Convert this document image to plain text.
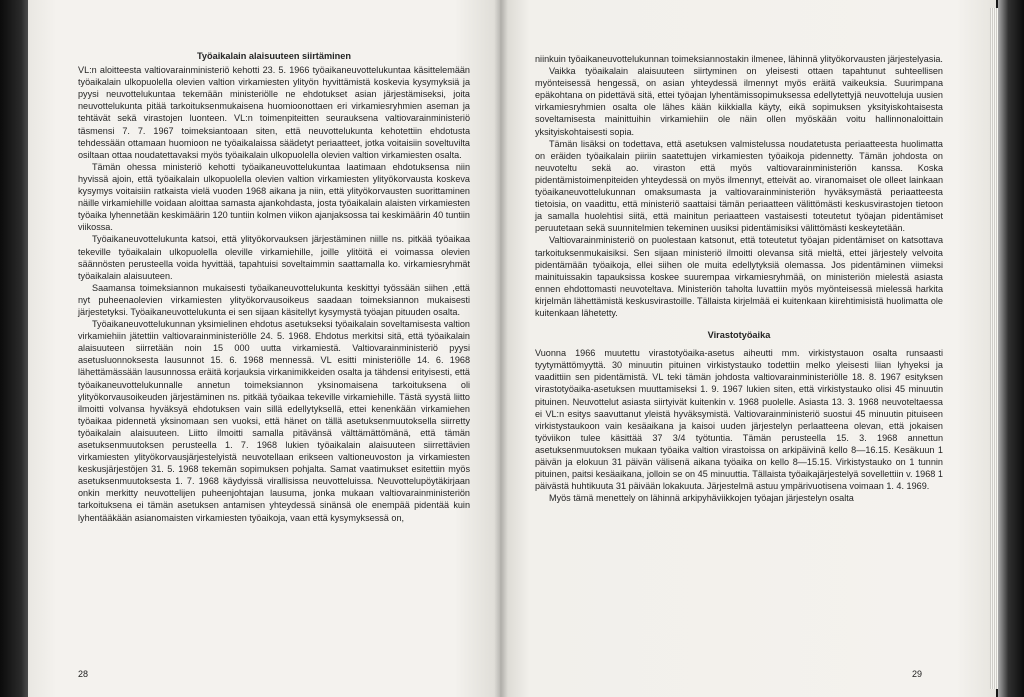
Työaikalain alaisuuteen siirtäminen

VL:n aloitteesta valtiovarainministeriö kehotti 23. 5. 1966 työaikaneuvottelukuntaa käsittelemään työaikalain ulkopuolella olevien valtion virkamiesten ylityön hyvittämistä koskevia kysymyksiä ja pyysi neuvottelukuntaa tekemään ministeriölle ne ehdotukset asian järjestämiseksi, joita neuvottelukunta pitää tarkoituksenmukaisena huomioonottaen eri virkamiesryhmien aseman ja tehtävät sekä virastojen luonteen. VL:n toimenpiteitten seurauksena valtiovarainministeriö täsmensi 7. 7. 1967 toimeksiantoaan siten, että neuvottelukunta kehotettiin ehdotusta tehdessään ottamaan huomioon ne työaikalaissa säädetyt periaatteet, jotka voitaisiin soveltuvilta osiltaan ottaa noudatettavaksi myös työaikalain ulkopuolella olevien valtion virkamiesten osalta.

Tämän ohessa ministeriö kehotti työaikaneuvottelukuntaa laatimaan ehdotuksensa niin hyvissä ajoin, että työaikalain ulkopuolella olevien valtion virkamiesten ylityökorvausta koskeva kysymys voitaisiin ratkaista vielä vuoden 1968 aikana ja niin, että ylityökorvausten suorittaminen näille virkamiehille voidaan aloittaa samasta ajankohdasta, josta työaikalain alaisten virkamiesten työaika lyhennetään keskimäärin 120 tuntiin kolmen viikon ajanjaksossa tai keskimäärin 40 tuntiin viikossa.

Työaikaneuvottelukunta katsoi, että ylityökorvauksen järjestäminen niille ns. pitkää työaikaa tekeville työaikalain ulkopuolella oleville virkamiehille, joille ylitöitä ei voimassa olevien säännösten perusteella voida hyvittää, tapahtuisi soveltaimmin saattamalla ko. virkamiesryhmät työaikalain alaisuuteen.

Saamansa toimeksiannon mukaisesti työaikaneuvottelukunta keskittyi työssään siihen ,että nyt puheenaolevien virkamiesten ylityökorvausoikeus saadaan toimeksiannon mukaisesti järjestetyksi. Työaikaneuvottelukunta ei sen sijaan käsitellyt kysymystä työajan pituuden osalta.

Työaikaneuvottelukunnan yksimielinen ehdotus asetukseksi työaikalain soveltamisesta valtion virkamiehiin jätettiin valtiovarainministeriölle 24. 5. 1968. Ehdotus merkitsi sitä, että työaikalain alaisuuteen siirretään noin 15 000 uutta virkamiestä. Valtiovarainministeriö pyysi asetusluonnoksesta lausunnot 15. 6. 1968 mennessä. VL esitti ministeriölle 14. 6. 1968 lähettämässään lausunnossa eräitä korjauksia virkanimikkeiden osalta ja tähdensi erityisesti, että työaikaneuvottelukunnalle annetun toimeksiannon yksinomaisena tarkoituksena oli ylityökorvausoikeuden järjestäminen ns. pitkää työaikaa tekeville virkamiehille. Tästä syystä liitto ilmoitti volvansa hyväksyä ehdotuksen vain sillä edellytyksellä, ettei kenenkään virkamiehen työaikaa pidennetä yksinomaan sen vuoksi, että hänet on tällä asetuksenmuutoksella siirretty työaikalain alaisuuteen. Liitto ilmoitti samalla pitävänsä välttämättömänä, että tämän asetuksenmuutoksen perusteella 1. 7. 1968 lukien työaikalain alaisuuteen siirrettävien virkamiesten ylityökorvausjärjestelyistä neuvotellaan erikseen valtioneuvoston ja virkamiesten keskusjärjestöjen 31. 5. 1968 tekemän sopimuksen pohjalta. Samat vaatimukset esitettiin myös asetuksenmuutoksesta 1. 7. 1968 käydyissä virallisissa neuvotteluissa. Neuvottelupöytäkirjaan onkin merkitty neuvottelijen puheenjohtajan lausuma, jonka mukaan valtiovarainministeriön tarkoituksena ei tämän asetuksen antamisen yhteydessä sinänsä ole enempää pidentää kuin lyhentääkään asianomaisten virkamiesten työaikoja, vaan että kysymyksessä on,

28

niinkuin työaikaneuvottelukunnan toimeksiannostakin ilmenee, lähinnä ylityökorvausten järjestelyasia.

Vaikka työaikalain alaisuuteen siirtyminen on yleisesti ottaen tapahtunut suhteellisen myönteisessä hengessä, on asian yhteydessä ilmennyt myös eräitä vaikeuksia. Suurimpana epäkohtana on pidettävä sitä, ettei työajan lyhentämissopimuksessa edellytettyjä neuvotteluja uusien virkamiesryhmien osalta ole lähes kään kiikkialla käyty, eikä sopimuksen yksityiskohtaisesta soveltamisesta mainittuihin virkamiehiin ole näin ollen myöskään voitu hallinnonaloittain yksityiskohtaisesti sopia.

Tämän lisäksi on todettava, että asetuksen valmistelussa noudatetusta periaatteesta huolimatta on eräiden työaikalain piiriin saatettujen virkamiesten työaikoja pidennetty. Tämän johdosta on neuvoteltu sekä ao. viraston että myös valtiovarainministeriön kanssa. Koska pidentämistoimenpiteiden yhteydessä on myös ilmennyt, etteivät ao. viranomaiset ole olleet lainkaan työaikaneuvottelukunnan omaksumasta ja valtiovarainministeriön hyväksymästä periaatteesta tietoisia, on vaadittu, että ministeriö saattaisi tämän periaatteen välittömästi keskusvirastojen tietoon ja samalla huolehtisi siitä, että mainitun periaatteen vastaisesti toteutetut työajan pidentämiset peruutetaan sekä suunnitelmien tekeminen uusiksi pidentämisiksi välittömästi keskeytetään.

Valtiovarainministeriö on puolestaan katsonut, että toteutetut työajan pidentämiset on katsottava tarkoituksenmukaisiksi. Sen sijaan ministeriö ilmoitti olevansa sitä mieltä, ettei järjestely velvoita pidentämään työaikoja, ellei siihen ole muita edellytyksiä olemassa. Jos pidentäminen viimeksi mainituissakin tapauksissa koskee suurempaa virkamiesryhmää, on ministeriön mielestä asiasta ennen ehdottomasti neuvoteltava. Ministeriön taholta luvattiin myös myönteisessä mielessä harkita kirjelmän lähettämistä keskusvirastoille. Tällaista kirjelmää ei kuitenkaan kiirehtimisistä huolimatta ole kuitenkaan lähetetty.

Virastotyöaika

Vuonna 1966 muutettu virastotyöaika-asetus aiheutti mm. virkistystauon osalta runsaasti tyytymättömyyttä. 30 minuutin pituinen virkistystauko todettiin melko yleisesti liian lyhyeksi ja vaadittiin sen pidentämistä. VL teki tämän johdosta valtiovarainministeriölle 18. 8. 1967 esityksen virastotyöaika-asetuksen muuttamiseksi 1. 9. 1967 lukien siten, että virkistystauko olisi 45 minuutin pituinen. Neuvottelut asiasta siirtyivät kuitenkin v. 1968 puolelle. Asiasta 13. 3. 1968 neuvoteltaessa ei VL:n esitys saavuttanut yleistä hyväksymistä. Valtiovarainministeriö suostui 45 minuutin pituiseen virkistystaukoon vain kesäaikana ja kaisoi uuden järjestelyn perlaatteena olevan, että jokaisen työviikon tulee käsittää 37 3/4 työtuntia. Tämän perusteella 15. 3. 1968 annettun asetuksenmuutoksen mukaan työaika valtion virastoissa on arkipäivinä kello 8—16.15. Kesäkuun 1 päivän ja elokuun 31 päivän välisenä aikana työaika on kello 8—15.15. Virkistystauko on 1 tunnin pituinen, paitsi kesäaikana, jolloin se on 45 minuuttia. Tällaista työaikajärjestelyä sovellettiin v. 1968 1 päivästä huhtikuuta 31 päivään lokakuuta. Järjestelmä astuu ympärivuotisena voimaan 1. 4. 1969.

Myös tämä menettely on lähinnä arkipyhäviikkojen työajan järjestelyn osalta

29
